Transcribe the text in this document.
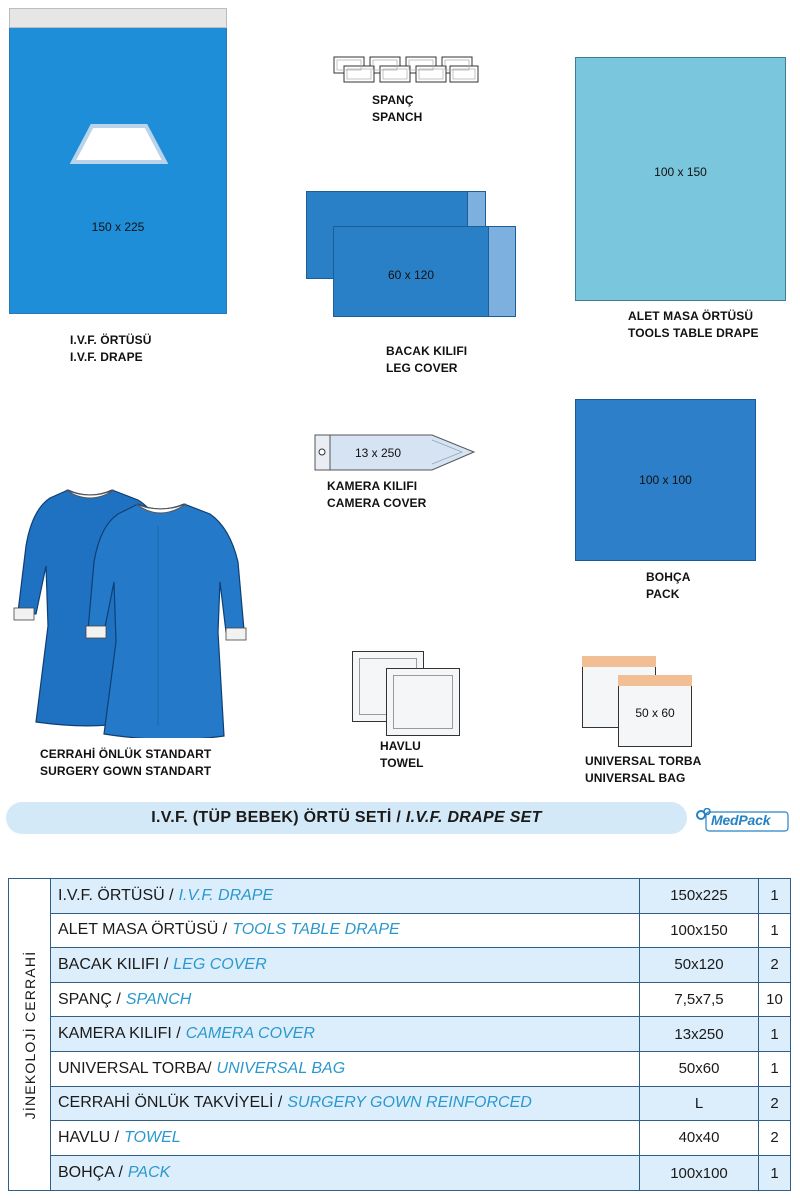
150 x 225
I.V.F. ÖRTÜSÜ
I.V.F. DRAPE
SPANÇ
SPANCH
100 x 150
ALET MASA ÖRTÜSÜ
TOOLS TABLE DRAPE
60 x 120
BACAK KILIFI
LEG COVER
13 x 250
KAMERA KILIFI
CAMERA COVER
100 x 100
BOHÇA
PACK
CERRAHİ ÖNLÜK STANDART
SURGERY GOWN STANDART
HAVLU
TOWEL
50 x 60
UNIVERSAL TORBA
UNIVERSAL BAG
I.V.F. (TÜP BEBEK) ÖRTÜ SETİ / I.V.F. DRAPE SET	MedPack
JİNEKOLOJİ CERRAHİ
I.V.F. ÖRTÜSÜ / I.V.F. DRAPE	150x225	1
ALET MASA ÖRTÜSÜ / TOOLS TABLE DRAPE	100x150	1
BACAK KILIFI / LEG COVER	50x120	2
SPANÇ / SPANCH	7,5x7,5	10
KAMERA KILIFI / CAMERA COVER	13x250	1
UNIVERSAL TORBA/ UNIVERSAL BAG	50x60	1
CERRAHİ ÖNLÜK TAKVİYELİ / SURGERY GOWN REINFORCED	L	2
HAVLU / TOWEL	40x40	2
BOHÇA / PACK	100x100	1
